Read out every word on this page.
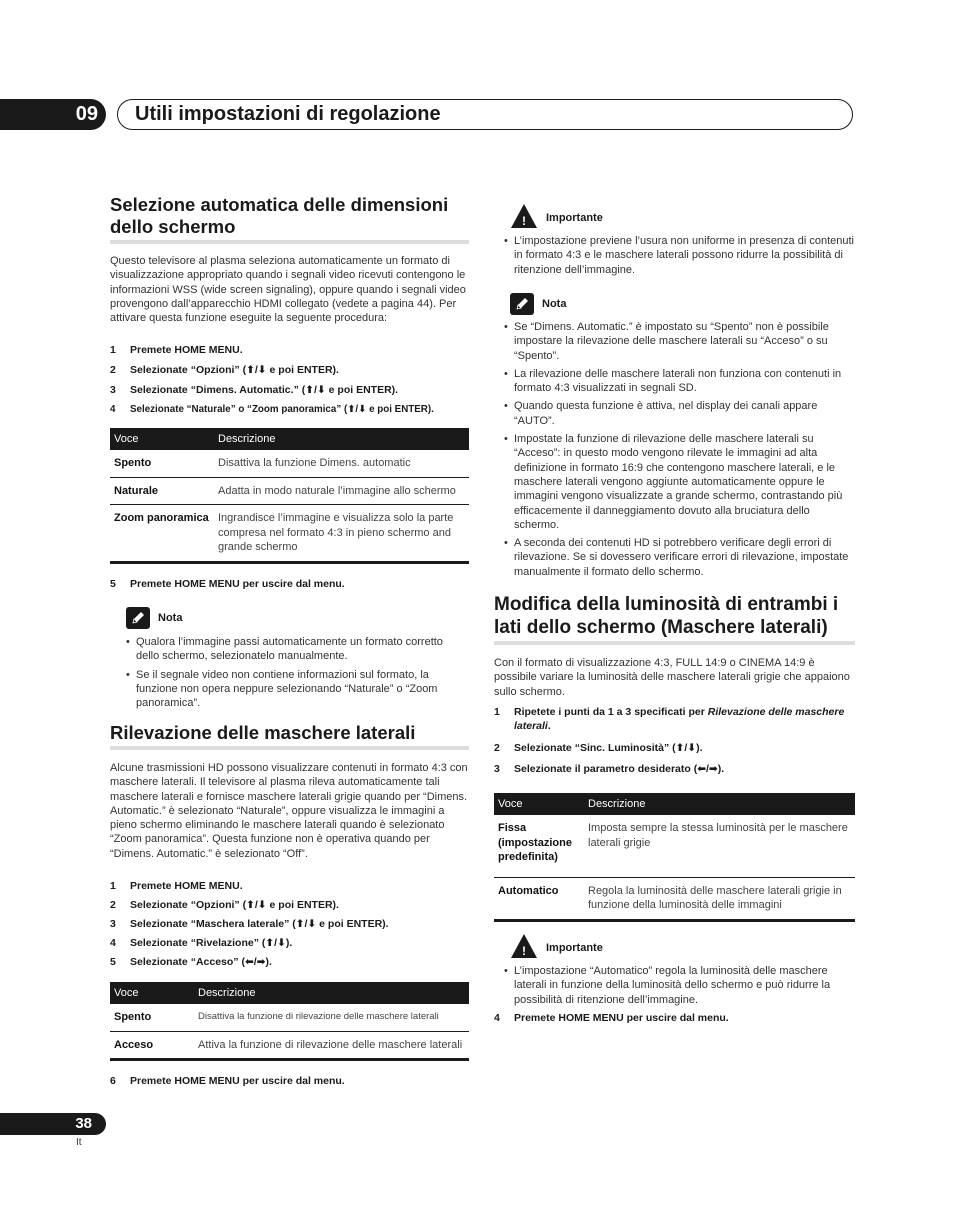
09	Utili impostazioni di regolazione
Selezione automatica delle dimensioni dello schermo

Questo televisore al plasma seleziona automaticamente un formato di visualizzazione appropriato quando i segnali video ricevuti contengono le informazioni WSS (wide screen signaling), oppure quando i segnali video provengono dall’apparecchio HDMI collegato (vedete a pagina 44). Per attivare questa funzione eseguite la seguente procedura:

1	Premete HOME MENU.
2	Selezionate “Opzioni” (⬆/⬇ e poi ENTER).
3	Selezionate “Dimens. Automatic.” (⬆/⬇ e poi ENTER).
4	Selezionate “Naturale” o “Zoom panoramica” (⬆/⬇ e poi ENTER).
Voce	Descrizione
Spento	Disattiva la funzione Dimens. automatic
Naturale	Adatta in modo naturale l’immagine allo schermo
Zoom panoramica	Ingrandisce l’immagine e visualizza solo la parte compresa nel formato 4:3 in pieno schermo and grande schermo
5	Premete HOME MENU per uscire dal menu.
Nota
• Qualora l’immagine passi automaticamente un formato corretto dello schermo, selezionatelo manualmente.
• Se il segnale video non contiene informazioni sul formato, la funzione non opera neppure selezionando “Naturale” o “Zoom panoramica”.
Rilevazione delle maschere laterali

Alcune trasmissioni HD possono visualizzare contenuti in formato 4:3 con maschere laterali. Il televisore al plasma rileva automaticamente tali maschere laterali e fornisce maschere laterali grigie quando per “Dimens. Automatic.” è selezionato “Naturale”, oppure visualizza le immagini a pieno schermo eliminando le maschere laterali quando è selezionato “Zoom panoramica”. Questa funzione non è operativa quando per “Dimens. Automatic.” è selezionato “Off”.

1	Premete HOME MENU.
2	Selezionate “Opzioni” (⬆/⬇ e poi ENTER).
3	Selezionate “Maschera laterale” (⬆/⬇ e poi ENTER).
4	Selezionate “Rivelazione” (⬆/⬇).
5	Selezionate “Acceso” (⬅/➡).
Voce	Descrizione
Spento	Disattiva la funzione di rilevazione delle maschere laterali
Acceso	Attiva la funzione di rilevazione delle maschere laterali
6	Premete HOME MENU per uscire dal menu.
! Importante
• L’impostazione previene l’usura non uniforme in presenza di contenuti in formato 4:3 e le maschere laterali possono ridurre la possibilità di ritenzione dell’immagine.
Nota
• Se “Dimens. Automatic.” è impostato su “Spento” non è possibile impostare la rilevazione delle maschere laterali su “Acceso” o su “Spento”.
• La rilevazione delle maschere laterali non funziona con contenuti in formato 4:3 visualizzati in segnali SD.
• Quando questa funzione è attiva, nel display dei canali appare “AUTO”.
• Impostate la funzione di rilevazione delle maschere laterali su “Acceso”: in questo modo vengono rilevate le immagini ad alta definizione in formato 16:9 che contengono maschere laterali, e le maschere laterali vengono aggiunte automaticamente oppure le immagini vengono visualizzate a grande schermo, contrastando più efficacemente il danneggiamento dovuto alla bruciatura dello schermo.
• A seconda dei contenuti HD si potrebbero verificare degli errori di rilevazione. Se si dovessero verificare errori di rilevazione, impostate manualmente il formato dello schermo.
Modifica della luminosità di entrambi i lati dello schermo (Maschere laterali)

Con il formato di visualizzazione 4:3, FULL 14:9 o CINEMA 14:9 è possibile variare la luminosità delle maschere laterali grigie che appaiono sullo schermo.

1	Ripetete i punti da 1 a 3 specificati per Rilevazione delle maschere laterali.
2	Selezionate “Sinc. Luminosità” (⬆/⬇).
3	Selezionate il parametro desiderato (⬅/➡).
Voce	Descrizione
Fissa (impostazione predefinita)	Imposta sempre la stessa luminosità per le maschere laterali grigie
Automatico	Regola la luminosità delle maschere laterali grigie in funzione della luminosità delle immagini
! Importante
• L’impostazione “Automatico” regola la luminosità delle maschere laterali in funzione della luminosità dello schermo e può ridurre la possibilità di ritenzione dell’immagine.
4	Premete HOME MENU per uscire dal menu.
38
It
